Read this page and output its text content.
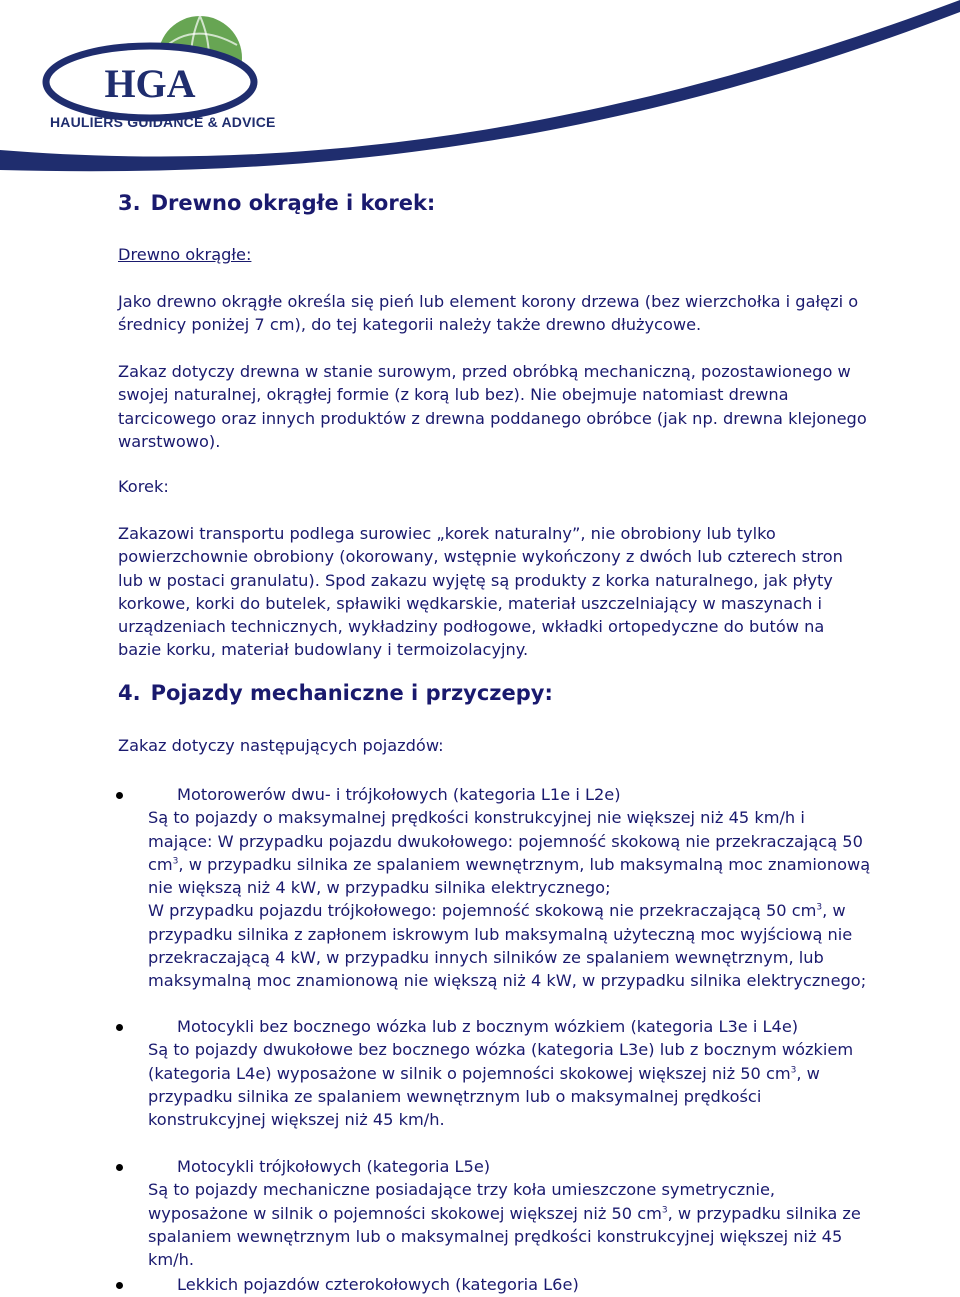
HGA
HAULIERS GUIDANCE & ADVICE
3. Drewno okrągłe i korek:
Drewno okrągłe:

Jako drewno okrągłe określa się pień lub element korony drzewa (bez wierzchołka i gałęzi o średnicy poniżej 7 cm), do tej kategorii należy także drewno dłużycowe.

Zakaz dotyczy drewna w stanie surowym, przed obróbką mechaniczną, pozostawionego w swojej naturalnej, okrągłej formie (z korą lub bez). Nie obejmuje natomiast drewna tarcicowego oraz innych produktów z drewna poddanego obróbce (jak np. drewna klejonego warstwowo).

Korek:

Zakazowi transportu podlega surowiec „korek naturalny”, nie obrobiony lub tylko powierzchownie obrobiony (okorowany, wstępnie wykończony z dwóch lub czterech stron lub w postaci granulatu). Spod zakazu wyjętę są produkty z korka naturalnego, jak płyty korkowe, korki do butelek, spławiki wędkarskie, materiał uszczelniający w maszynach i urządzeniach technicznych, wykładziny podłogowe, wkładki ortopedyczne do butów na bazie korku, materiał budowlany i termoizolacyjny.

4. Pojazdy mechaniczne i przyczepy:
Zakaz dotyczy następujących pojazdów:

Motorowerów dwu- i trójkołowych (kategoria L1e i L2e)

Są to pojazdy o maksymalnej prędkości konstrukcyjnej nie większej niż 45 km/h i mające: W przypadku pojazdu dwukołowego: pojemność skokową nie przekraczającą 50 $cm^3$, w przypadku silnika ze spalaniem wewnętrznym, lub maksymalną moc znamionową nie większą niż 4 kW, w przypadku silnika elektrycznego;
W przypadku pojazdu trójkołowego: pojemność skokową nie przekraczającą 50 $cm^3$, w przypadku silnika z zapłonem iskrowym lub maksymalną użyteczną moc wyjściową nie przekraczającą 4 kW, w przypadku innych silników ze spalaniem wewnętrznym, lub maksymalną moc znamionową nie większą niż 4 kW, w przypadku silnika elektrycznego;

Motocykli bez bocznego wózka lub z bocznym wózkiem (kategoria L3e i L4e)

Są to pojazdy dwukołowe bez bocznego wózka (kategoria L3e) lub z bocznym wózkiem (kategoria L4e) wyposażone w silnik o pojemności skokowej większej niż 50 $cm^3$, w przypadku silnika ze spalaniem wewnętrznym lub o maksymalnej prędkości konstrukcyjnej większej niż 45 km/h.

Motocykli trójkołowych (kategoria L5e)

Są to pojazdy mechaniczne posiadające trzy koła umieszczone symetrycznie, wyposażone w silnik o pojemności skokowej większej niż 50 $cm^3$, w przypadku silnika ze spalaniem wewnętrznym lub o maksymalnej prędkości konstrukcyjnej większej niż 45 km/h.

Lekkich pojazdów czterokołowych (kategoria L6e)
